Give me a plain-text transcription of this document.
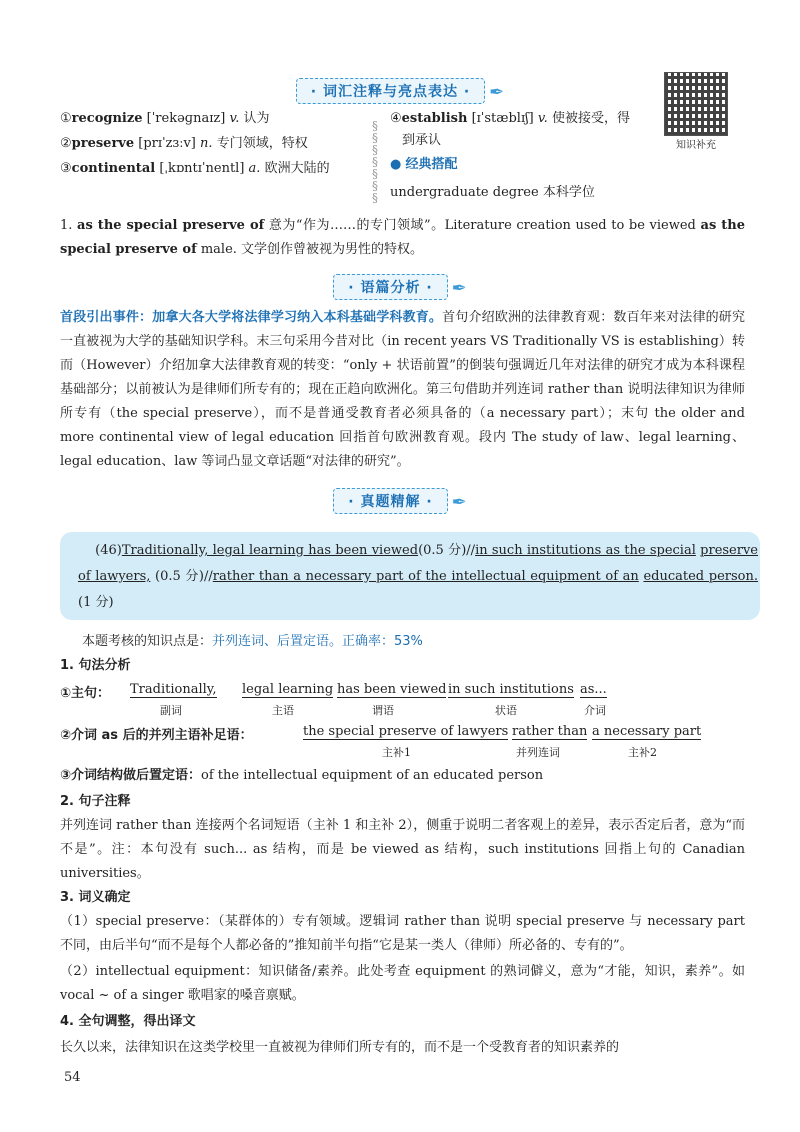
· 词汇注释与亮点表达 · ✒
知识补充
①recognize [ˈrekəɡnaɪz] v. 认为
②preserve [prɪˈzɜːv] n. 专门领域，特权
③continental [ˌkɒntɪˈnentl] a. 欧洲大陆的
§
§
§
§
§
§
§
④establish [ɪˈstæblɪʃ] v. 使被接受，得
到承认
● 经典搭配
undergraduate degree 本科学位
1. as the special preserve of 意为“作为……的专门领域”。Literature creation used to be viewed as the special preserve of male. 文学创作曾被视为男性的特权。
· 语篇分析 · ✒
首段引出事件：加拿大各大学将法律学习纳入本科基础学科教育。首句介绍欧洲的法律教育观：数百年来对法律的研究一直被视为大学的基础知识学科。末三句采用今昔对比（in recent years VS Traditionally VS is establishing）转而（However）介绍加拿大法律教育观的转变：“only + 状语前置”的倒装句强调近几年对法律的研究才成为本科课程基础部分；以前被认为是律师们所专有的；现在正趋向欧洲化。第三句借助并列连词 rather than 说明法律知识为律师所专有（the special preserve），而不是普通受教育者必须具备的（a necessary part）；末句 the older and more continental view of legal education 回指首句欧洲教育观。段内 The study of law、legal learning、legal education、law 等词凸显文章话题“对法律的研究”。
· 真题精解 · ✒
(46)Traditionally, legal learning has been viewed(0.5 分)//in such institutions as the special preserve of lawyers, (0.5 分)//rather than a necessary part of the intellectual equipment of an educated person.(1 分)
本题考核的知识点是：并列连词、后置定语。正确率：53%
1. 句法分析
①主句： Traditionally,
副词
legal learning
主语
has been viewed
谓语
in such institutions
状语
as...
介词
②介词 as 后的并列主语补足语：	the special preserve of lawyers
主补1
rather than
并列连词
a necessary part
主补2
③介词结构做后置定语：of the intellectual equipment of an educated person
2. 句子注释
并列连词 rather than 连接两个名词短语（主补 1 和主补 2），侧重于说明二者客观上的差异，表示否定后者，意为“而不是”。注：本句没有 such... as 结构，而是 be viewed as 结构，such institutions 回指上句的 Canadian universities。
3. 词义确定
（1）special preserve：（某群体的）专有领域。逻辑词 rather than 说明 special preserve 与 necessary part 不同，由后半句“而不是每个人都必备的”推知前半句指“它是某一类人（律师）所必备的、专有的”。
（2）intellectual equipment：知识储备/素养。此处考查 equipment 的熟词僻义，意为“才能，知识，素养”。如 vocal ~ of a singer 歌唱家的嗓音禀赋。
4. 全句调整，得出译文
长久以来，法律知识在这类学校里一直被视为律师们所专有的，而不是一个受教育者的知识素养的
54
